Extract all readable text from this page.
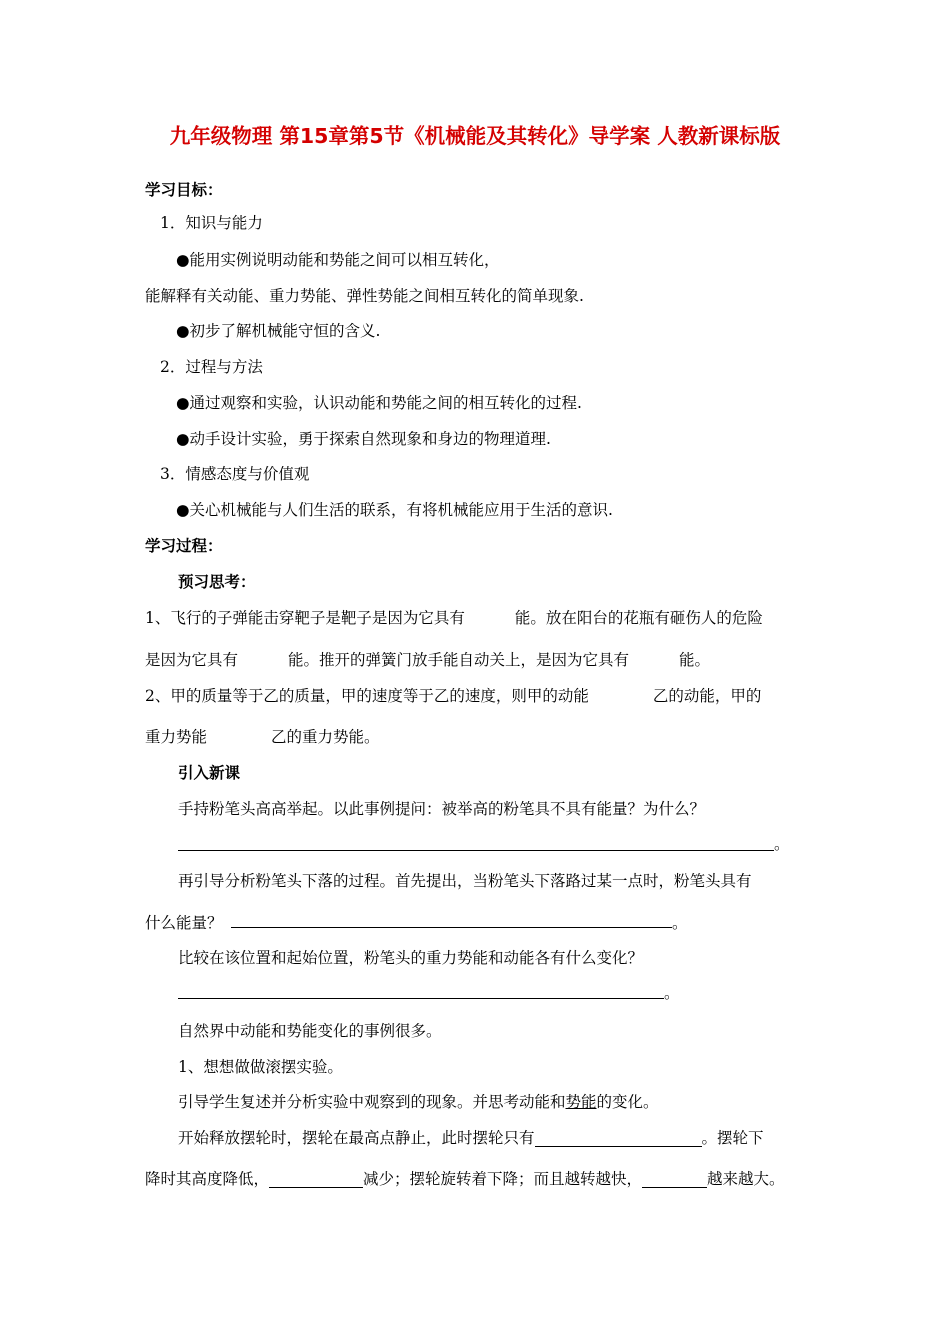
九年级物理 第15章第5节《机械能及其转化》导学案 人教新课标版
学习目标：
1．知识与能力
●能用实例说明动能和势能之间可以相互转化，
能解释有关动能、重力势能、弹性势能之间相互转化的简单现象.
●初步了解机械能守恒的含义.
2．过程与方法
●通过观察和实验，认识动能和势能之间的相互转化的过程.
●动手设计实验，勇于探索自然现象和身边的物理道理.
3．情感态度与价值观
●关心机械能与人们生活的联系，有将机械能应用于生活的意识.
学习过程：
预习思考：
1、飞行的子弹能击穿靶子是靶子是因为它具有	能。放在阳台的花瓶有砸伤人的危险
是因为它具有	能。推开的弹簧门放手能自动关上，是因为它具有	能。
2、甲的质量等于乙的质量，甲的速度等于乙的速度，则甲的动能	乙的动能，甲的
重力势能	乙的重力势能。
引入新课
手持粉笔头高高举起。以此事例提问：被举高的粉笔具不具有能量？为什么？
。
再引导分析粉笔头下落的过程。首先提出，当粉笔头下落路过某一点时，粉笔头具有
什么能量？	。
比较在该位置和起始位置，粉笔头的重力势能和动能各有什么变化？
。
自然界中动能和势能变化的事例很多。
1、想想做做滚摆实验。
引导学生复述并分析实验中观察到的现象。并思考动能和势能的变化。
开始释放摆轮时，摆轮在最高点静止，此时摆轮只有	。摆轮下
降时其高度降低，	减少；摆轮旋转着下降；而且越转越快，	越来越大。
